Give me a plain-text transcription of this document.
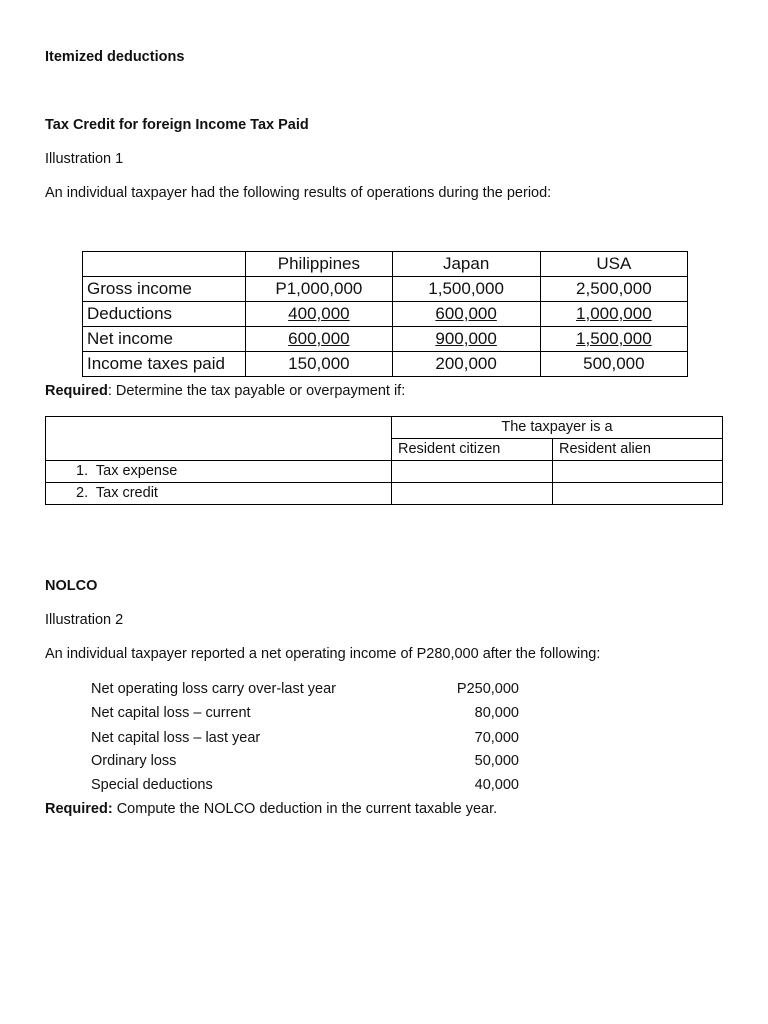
Itemized deductions
Tax Credit for foreign Income Tax Paid
Illustration 1
An individual taxpayer had the following results of operations during the period:
	Philippines	Japan	USA
Gross income	P1,000,000	1,500,000	2,500,000
Deductions	400,000	600,000	1,000,000
Net income	600,000	900,000	1,500,000
Income taxes paid	150,000	200,000	500,000
Required: Determine the tax payable or overpayment if:
	The taxpayer is a	
	Resident citizen	Resident alien
1.  Tax expense		
2.  Tax credit		
NOLCO
Illustration 2
An individual taxpayer reported a net operating income of P280,000 after the following:
Net operating loss carry over-last year	P250,000
Net capital loss – current	80,000
Net capital loss – last year	70,000
Ordinary loss	50,000
Special deductions	40,000
Required: Compute the NOLCO deduction in the current taxable year.
